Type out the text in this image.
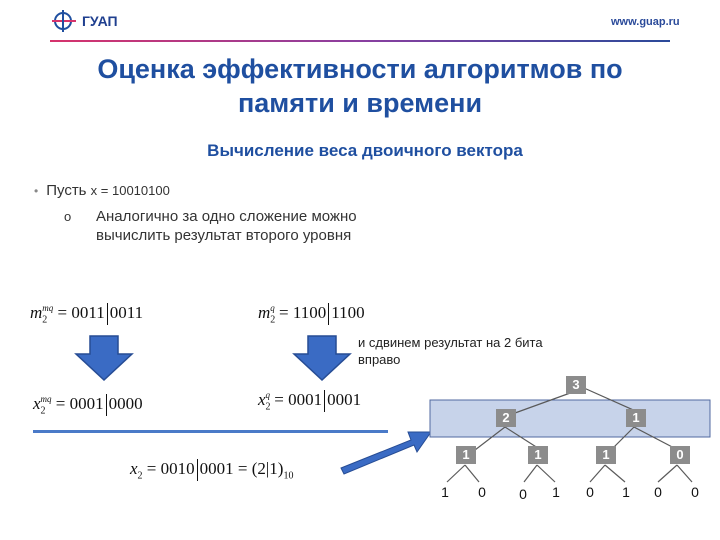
ГУАП	www.guap.ru
Оценка эффективности алгоритмов по
памяти и времени
Вычисление веса двоичного вектора
• Пусть x = 10010100
o Аналогично за одно сложение можно
вычислить результат второго уровня
$m_2^{mq} = 0011$ 0011	$m_2^q = 1100$ 1100
и сдвинем результат на 2 бита
вправо
$x_2^{mq} = 0001$ 0000	$x_2^q = 0001$ 0001
$x_2 = 0010$ $0001 = (2|1)_{10}$
3
2	1
1	1	1	0
1 0 0 1 0 1 0 0
